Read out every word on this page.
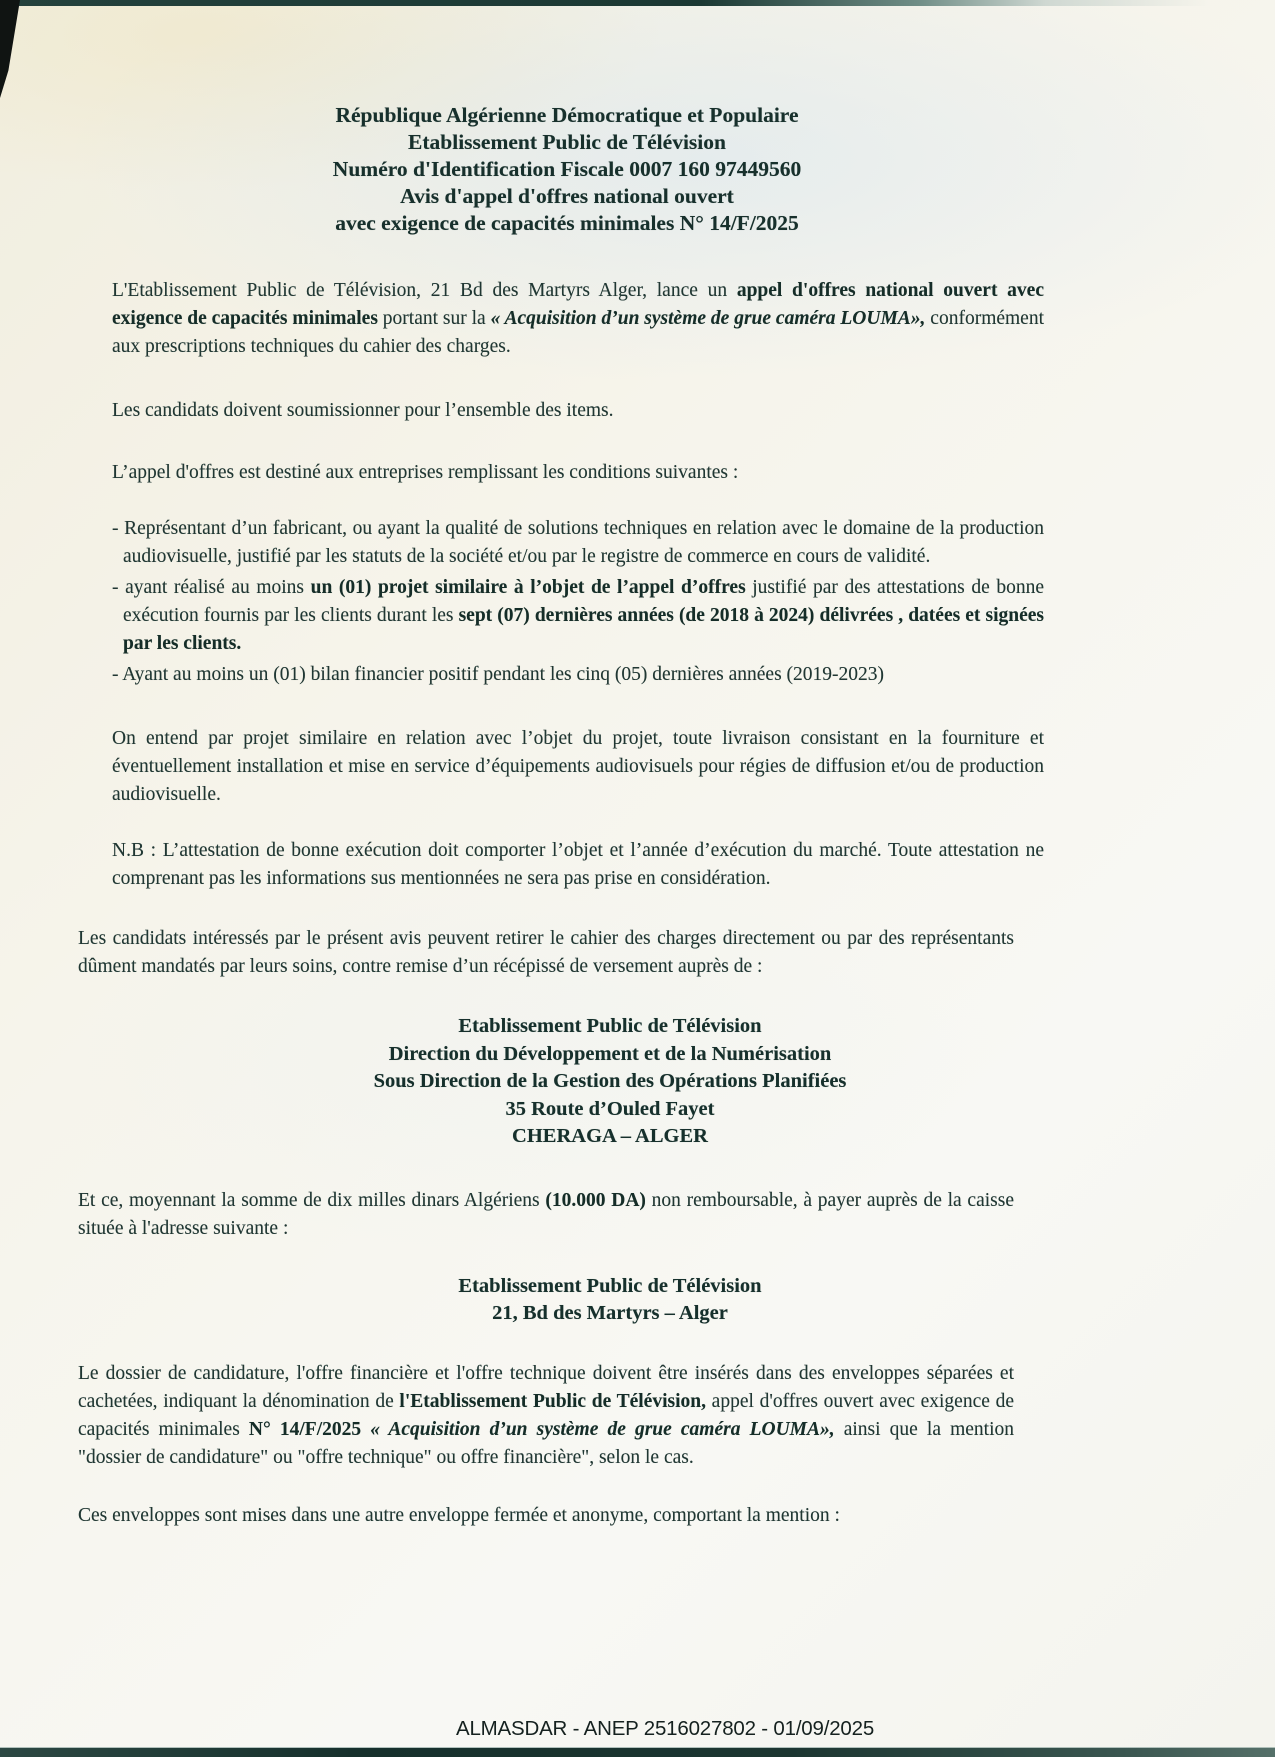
République Algérienne Démocratique et Populaire
Etablissement Public de Télévision
Numéro d'Identification Fiscale 0007 160 97449560
Avis d'appel d'offres national ouvert
avec exigence de capacités minimales N° 14/F/2025

L'Etablissement Public de Télévision, 21 Bd des Martyrs Alger, lance un appel d'offres national ouvert avec exigence de capacités minimales portant sur la « Acquisition d’un système de grue caméra LOUMA», conformément aux prescriptions techniques du cahier des charges.

Les candidats doivent soumissionner pour l’ensemble des items.

L’appel d'offres est destiné aux entreprises remplissant les conditions suivantes :

- Représentant d’un fabricant, ou ayant la qualité de solutions techniques en relation avec le domaine de la production audiovisuelle, justifié par les statuts de la société et/ou par le registre de commerce en cours de validité.

- ayant réalisé au moins un (01) projet similaire à l’objet de l’appel d’offres justifié par des attestations de bonne exécution fournis par les clients durant les sept (07) dernières années (de 2018 à 2024) délivrées , datées et signées par les clients.

- Ayant au moins un (01) bilan financier positif pendant les cinq (05) dernières années (2019-2023)

On entend par projet similaire en relation avec l’objet du projet, toute livraison consistant en la fourniture et éventuellement installation et mise en service d’équipements audiovisuels pour régies de diffusion et/ou de production audiovisuelle.

N.B : L’attestation de bonne exécution doit comporter l’objet et l’année d’exécution du marché. Toute attestation ne comprenant pas les informations sus mentionnées ne sera pas prise en considération.

Les candidats intéressés par le présent avis peuvent retirer le cahier des charges directement ou par des représentants dûment mandatés par leurs soins, contre remise d’un récépissé de versement auprès de :

Etablissement Public de Télévision
Direction du Développement et de la Numérisation
Sous Direction de la Gestion des Opérations Planifiées
35 Route d’Ouled Fayet
CHERAGA – ALGER

Et ce, moyennant la somme de dix milles dinars Algériens (10.000 DA) non remboursable, à payer auprès de la caisse située à l'adresse suivante :

Etablissement Public de Télévision
21, Bd des Martyrs – Alger

Le dossier de candidature, l'offre financière et l'offre technique doivent être insérés dans des enveloppes séparées et cachetées, indiquant la dénomination de l'Etablissement Public de Télévision, appel d'offres ouvert avec exigence de capacités minimales N° 14/F/2025 « Acquisition d’un système de grue caméra LOUMA», ainsi que la mention "dossier de candidature" ou "offre technique" ou offre financière", selon le cas.

Ces enveloppes sont mises dans une autre enveloppe fermée et anonyme, comportant la mention :

ALMASDAR - ANEP 2516027802 - 01/09/2025
